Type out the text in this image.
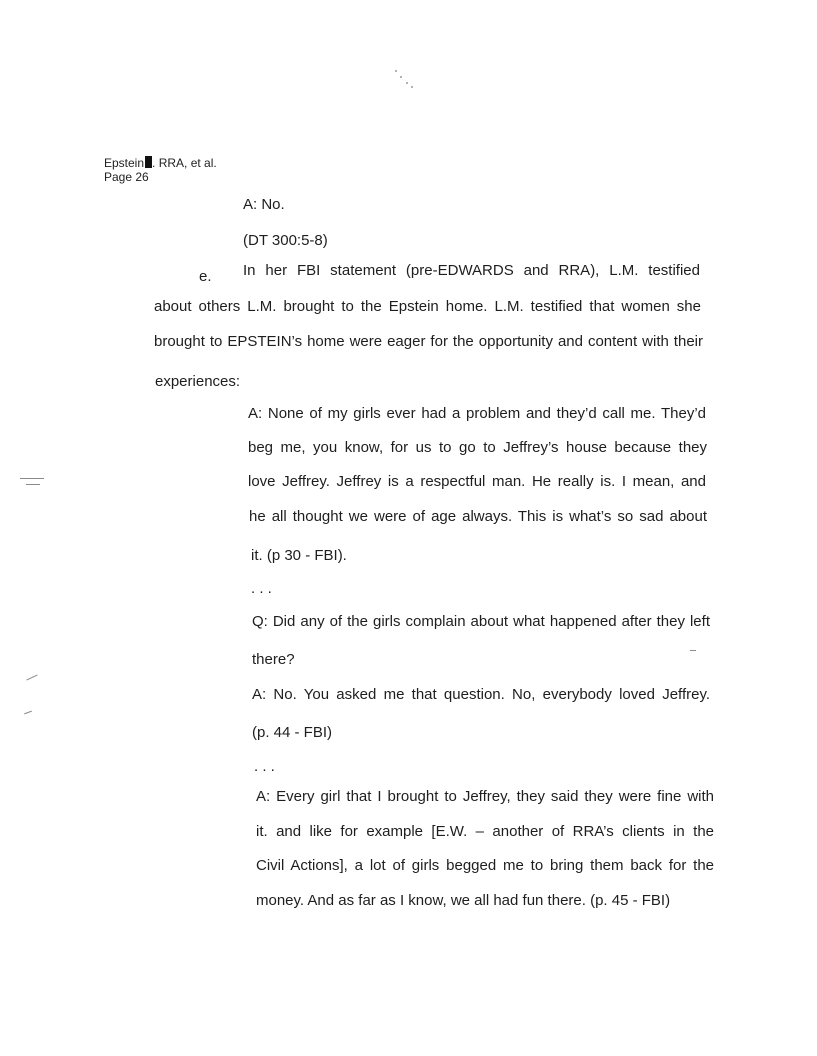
Epstein . RRA, et al.
Page 26
A: No.
(DT 300:5-8)
e. In her FBI statement (pre-EDWARDS and RRA), L.M. testified
about others L.M. brought to the Epstein home. L.M. testified that women she
brought to EPSTEIN’s home were eager for the opportunity and content with their
experiences:
A: None of my girls ever had a problem and they’d call me. They’d
beg me, you know, for us to go to Jeffrey’s house because they
love Jeffrey. Jeffrey is a respectful man. He really is. I mean, and
he all thought we were of age always. This is what’s so sad about
it. (p 30 - FBI).
. . .
Q: Did any of the girls complain about what happened after they left
there?
A: No. You asked me that question. No, everybody loved Jeffrey.
(p. 44 - FBI)
. . .
A: Every girl that I brought to Jeffrey, they said they were fine with
it. and like for example [E.W. – another of RRA’s clients in the
Civil Actions], a lot of girls begged me to bring them back for the
money. And as far as I know, we all had fun there. (p. 45 - FBI)
